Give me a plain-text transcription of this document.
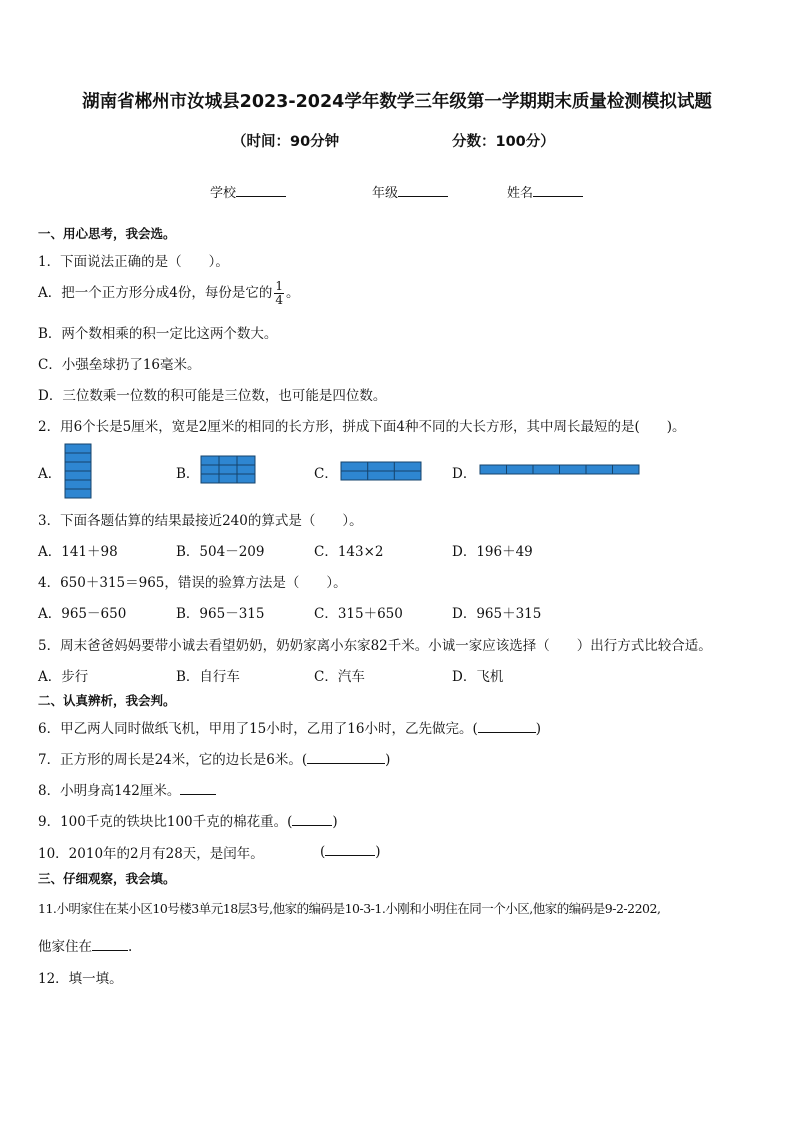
湖南省郴州市汝城县2023-2024学年数学三年级第一学期期末质量检测模拟试题
（时间：90分钟	分数：100分）
学校	年级	姓名
一、用心思考，我会选。
1．下面说法正确的是（　　）。
A．把一个正方形分成4份，每份是它的 $\frac{1}{4}$ 。
B．两个数相乘的积一定比这两个数大。
C．小强垒球扔了16毫米。
D．三位数乘一位数的积可能是三位数，也可能是四位数。
2．用6个长是5厘米，宽是2厘米的相同的长方形，拼成下面4种不同的大长方形，其中周长最短的是(　　)。
A．	B．	C．	D．
3．下面各题估算的结果最接近240的算式是（　　）。
A．141＋98	B．504－209	C．143×2	D．196＋49
4．650＋315＝965，错误的验算方法是（　　）。
A．965－650	B．965－315	C．315＋650	D．965＋315
5．周末爸爸妈妈要带小诚去看望奶奶，奶奶家离小东家82千米。小诚一家应该选择（　　）出行方式比较合适。
A．步行	B．自行车	C．汽车	D．飞机
二、认真辨析，我会判。
6．甲乙两人同时做纸飞机，甲用了15小时，乙用了16小时，乙先做完。(	)
7．正方形的周长是24米，它的边长是6米。(	)
8．小明身高142厘米。
9．100千克的铁块比100千克的棉花重。(	)
10．2010年的2月有28天，是闰年。	(	)
三、仔细观察，我会填。
11.小明家住在某小区10号楼3单元18层3号,他家的编码是10-3-1.小刚和小明住在同一个小区,他家的编码是9-2-2202,
他家住在	.
12．填一填。
